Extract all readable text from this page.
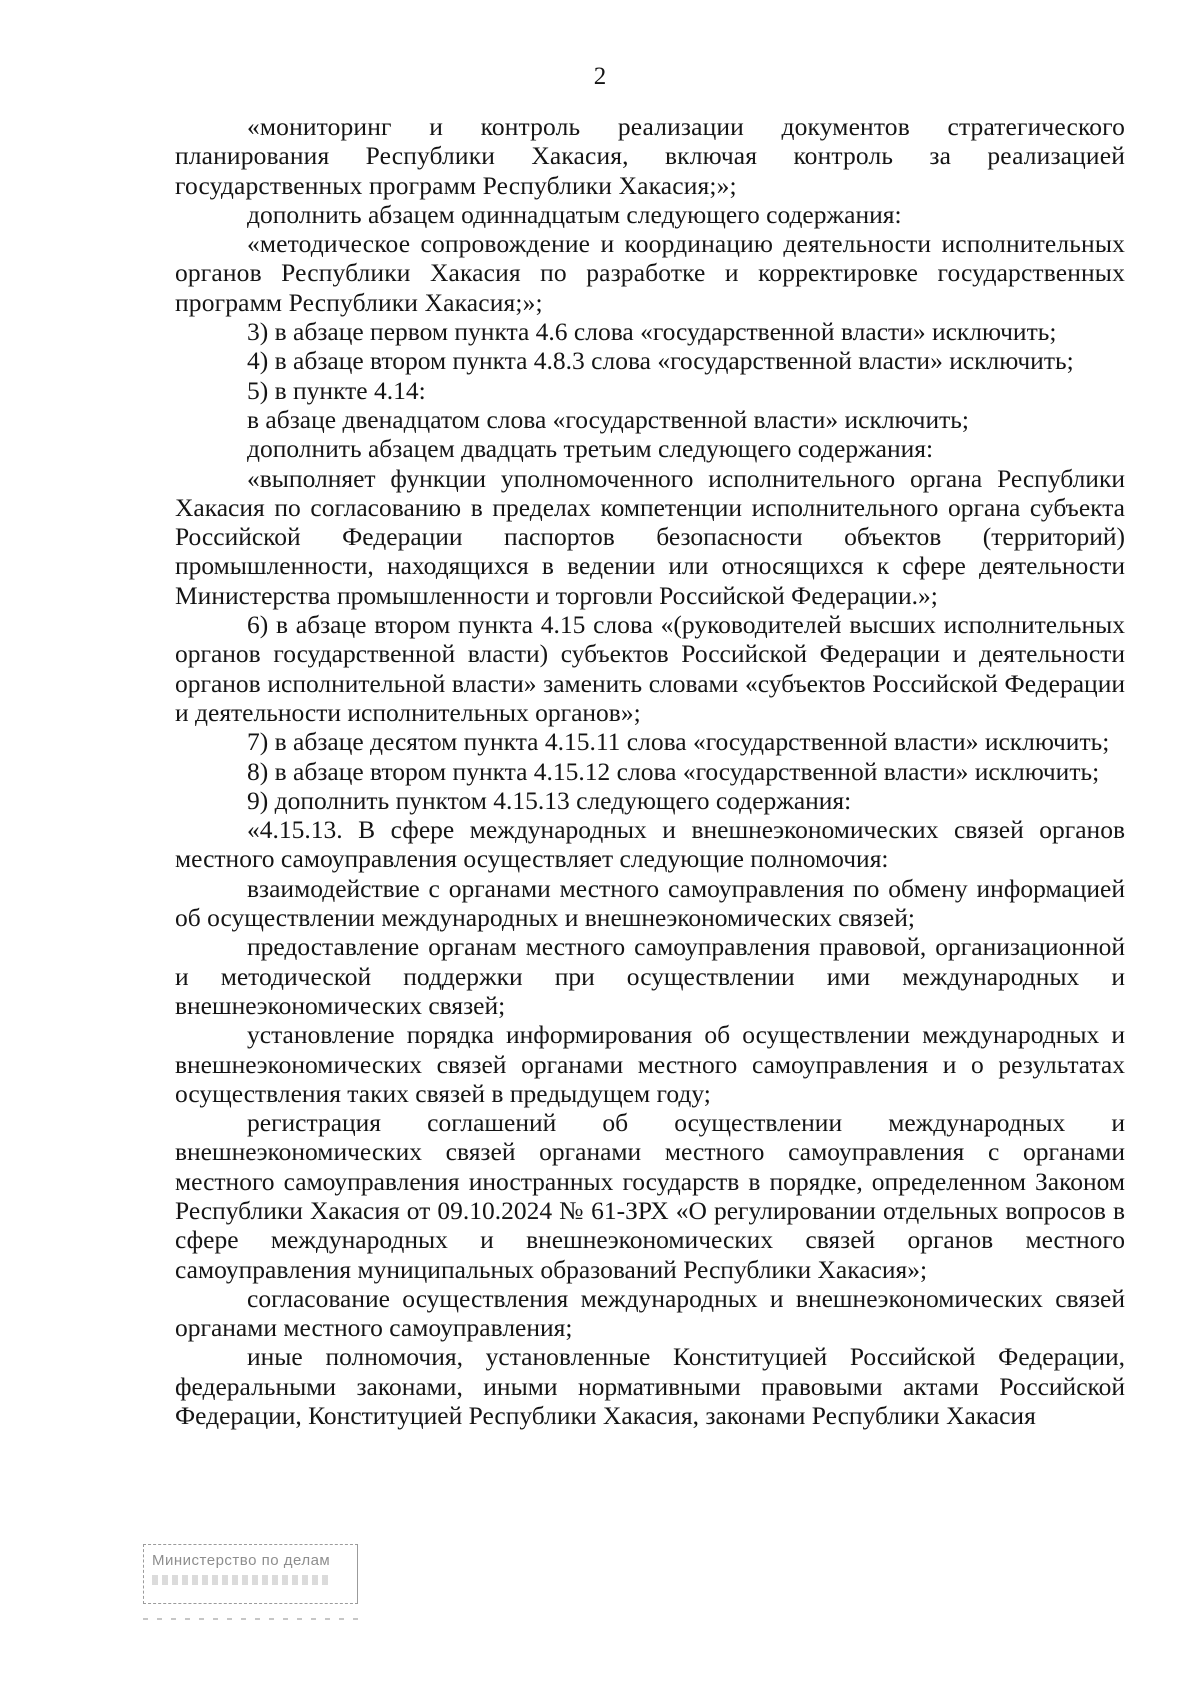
2

«мониторинг и контроль реализации документов стратегического планирования Республики Хакасия, включая контроль за реализацией государственных программ Республики Хакасия;»;

дополнить абзацем одиннадцатым следующего содержания:

«методическое сопровождение и координацию деятельности исполнительных органов Республики Хакасия по разработке и корректировке государственных программ Республики Хакасия;»;

3) в абзаце первом пункта 4.6 слова «государственной власти» исключить;

4) в абзаце втором пункта 4.8.3 слова «государственной власти» исключить;

5) в пункте 4.14:

в абзаце двенадцатом слова «государственной власти» исключить;

дополнить абзацем двадцать третьим следующего содержания:

«выполняет функции уполномоченного исполнительного органа Республики Хакасия по согласованию в пределах компетенции исполнительного органа субъекта Российской Федерации паспортов безопасности объектов (территорий) промышленности, находящихся в ведении или относящихся к сфере деятельности Министерства промышленности и торговли Российской Федерации.»;

6) в абзаце втором пункта 4.15 слова «(руководителей высших исполнительных органов государственной власти) субъектов Российской Федерации и деятельности органов исполнительной власти» заменить словами «субъектов Российской Федерации и деятельности исполнительных органов»;

7) в абзаце десятом пункта 4.15.11 слова «государственной власти» исключить;

8) в абзаце втором пункта 4.15.12 слова «государственной власти» исключить;

9) дополнить пунктом 4.15.13 следующего содержания:

«4.15.13. В сфере международных и внешнеэкономических связей органов местного самоуправления осуществляет следующие полномочия:

взаимодействие с органами местного самоуправления по обмену информацией об осуществлении международных и внешнеэкономических связей;

предоставление органам местного самоуправления правовой, организационной и методической поддержки при осуществлении ими международных и внешнеэкономических связей;

установление порядка информирования об осуществлении международных и внешнеэкономических связей органами местного самоуправления и о результатах осуществления таких связей в предыдущем году;

регистрация соглашений об осуществлении международных и внешнеэкономических связей органами местного самоуправления с органами местного самоуправления иностранных государств в порядке, определенном Законом Республики Хакасия от 09.10.2024 № 61-ЗРХ «О регулировании отдельных вопросов в сфере международных и внешнеэкономических связей органов местного самоуправления муниципальных образований Республики Хакасия»;

согласование осуществления международных и внешнеэкономических связей органами местного самоуправления;

иные полномочия, установленные Конституцией Российской Федерации, федеральными законами, иными нормативными правовыми актами Российской Федерации, Конституцией Республики Хакасия, законами Республики Хакасия

Министерство по делам
